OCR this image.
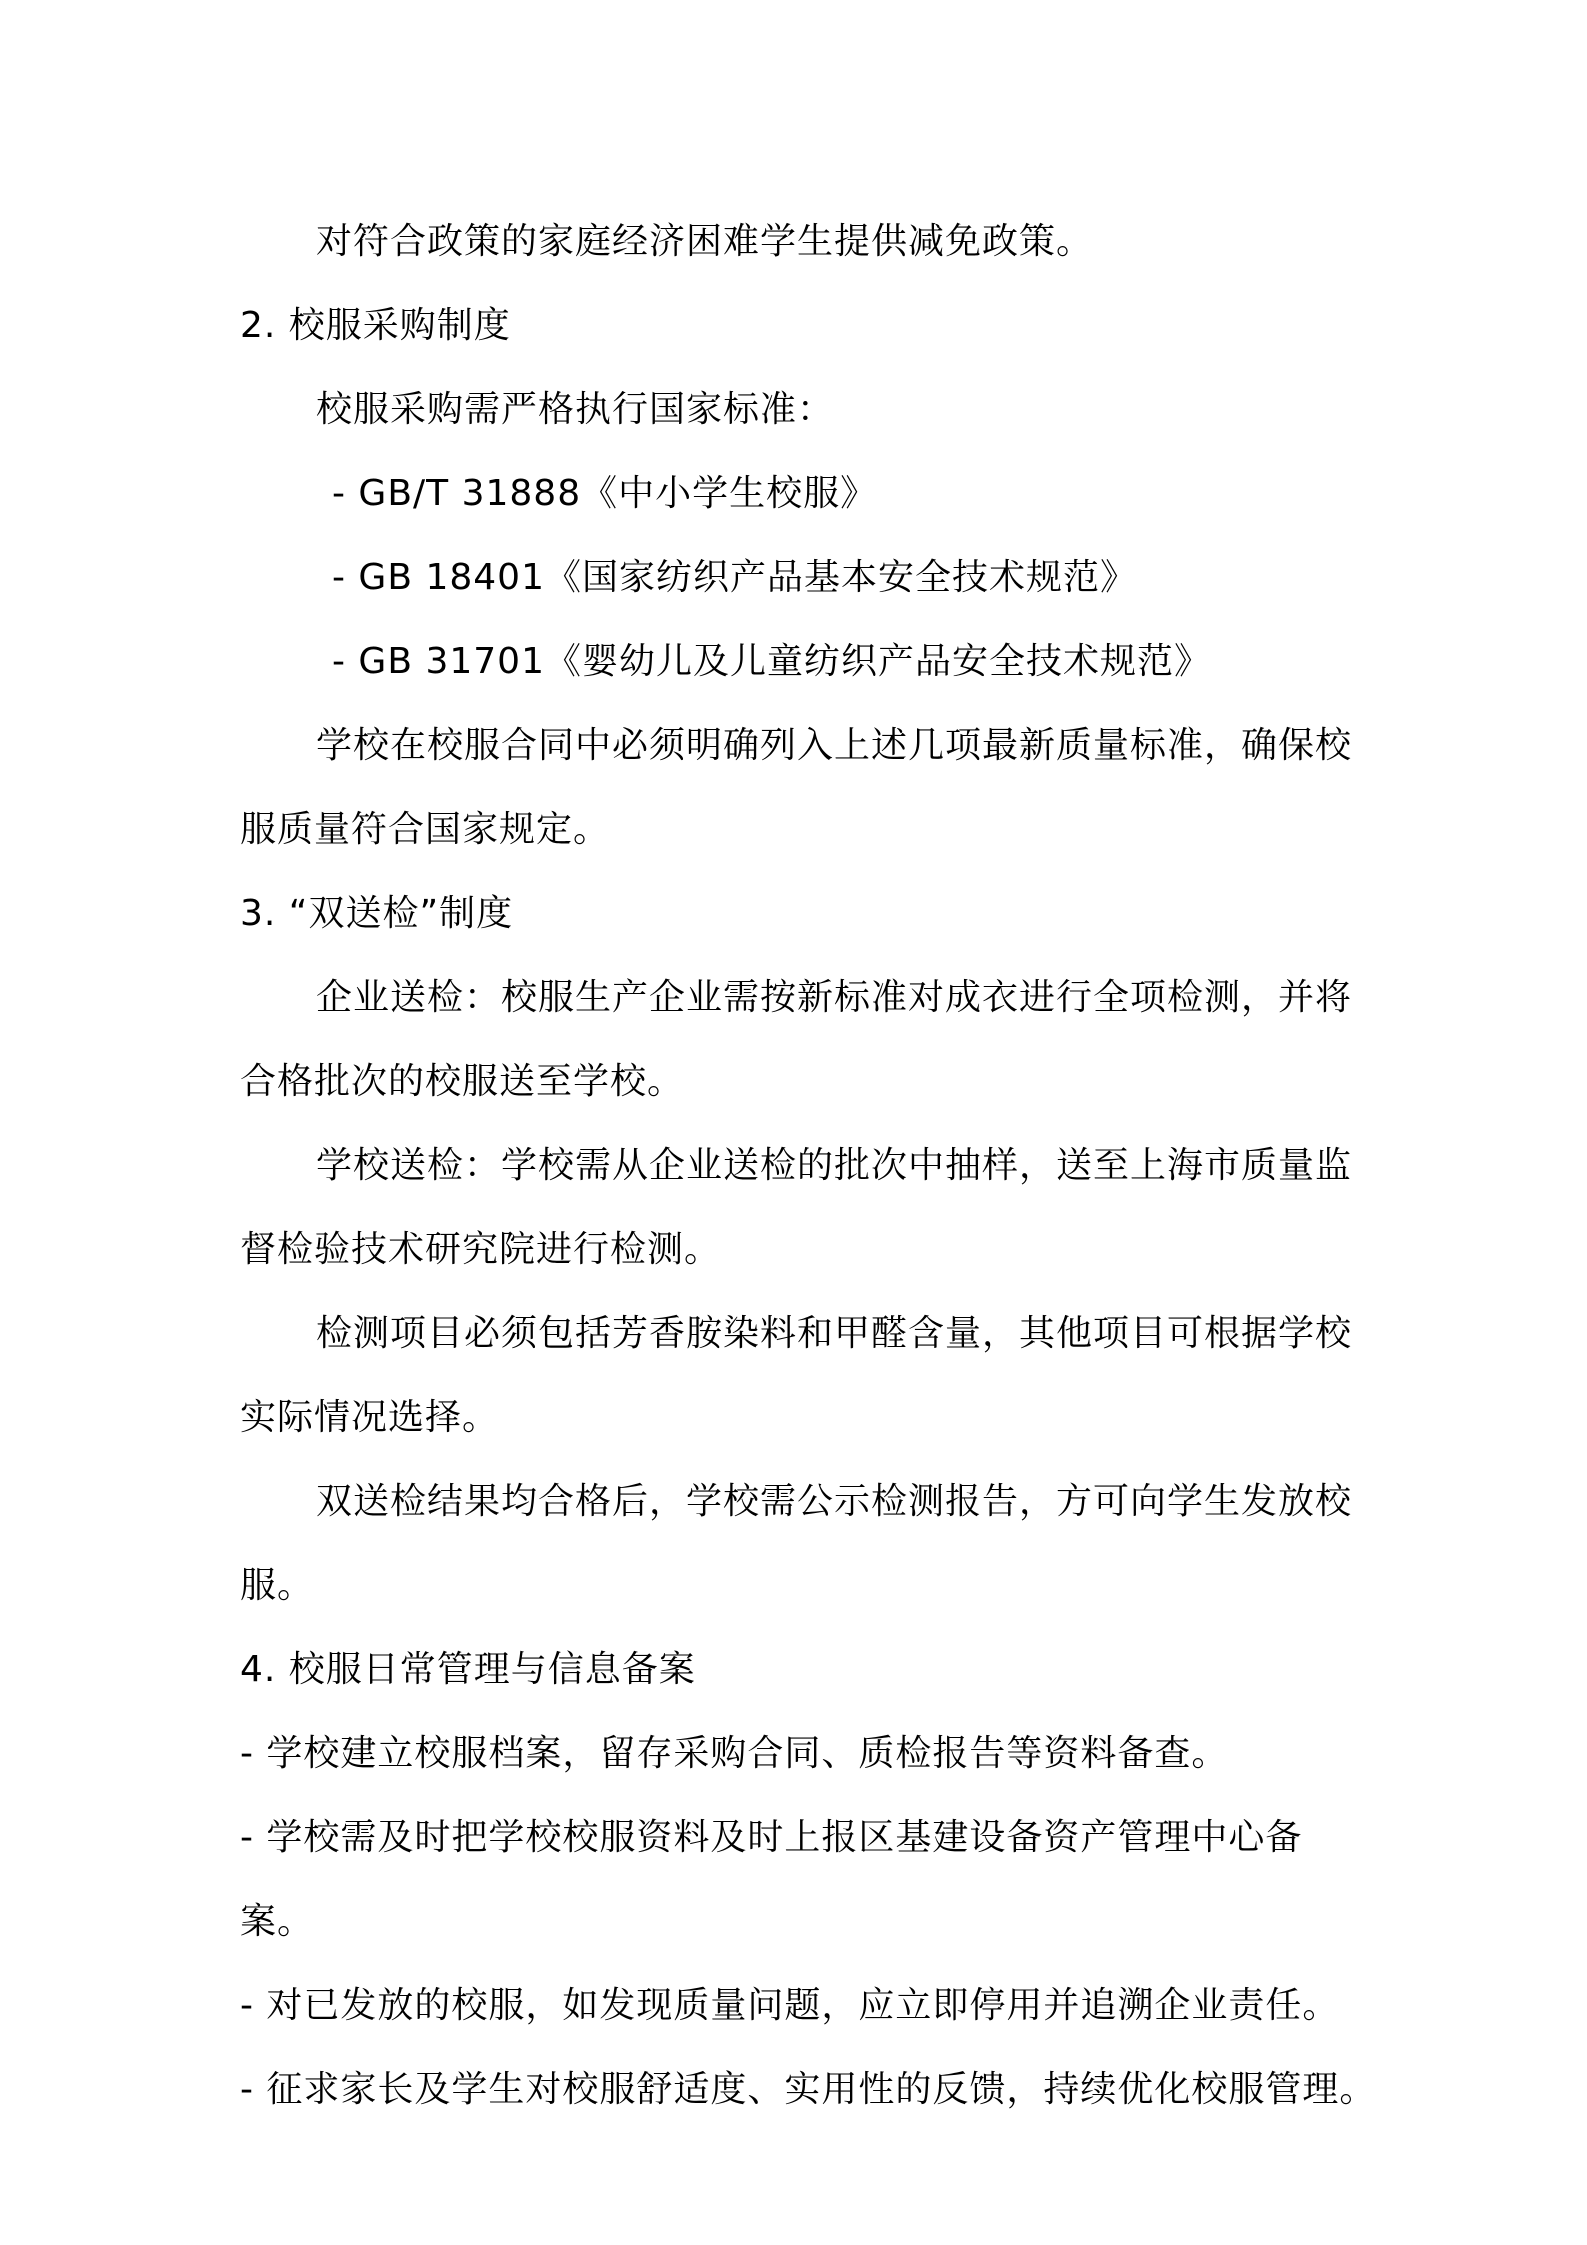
对符合政策的家庭经济困难学生提供减免政策。
2. 校服采购制度
校服采购需严格执行国家标准：
- GB/T 31888《中小学生校服》
- GB 18401《国家纺织产品基本安全技术规范》
- GB 31701《婴幼儿及儿童纺织产品安全技术规范》
学校在校服合同中必须明确列入上述几项最新质量标准，确保校
服质量符合国家规定。
3. “双送检”制度
企业送检：校服生产企业需按新标准对成衣进行全项检测，并将
合格批次的校服送至学校。
学校送检：学校需从企业送检的批次中抽样，送至上海市质量监
督检验技术研究院进行检测。
检测项目必须包括芳香胺染料和甲醛含量，其他项目可根据学校
实际情况选择。
双送检结果均合格后，学校需公示检测报告，方可向学生发放校
服。
4. 校服日常管理与信息备案
- 学校建立校服档案，留存采购合同、质检报告等资料备查。
- 学校需及时把学校校服资料及时上报区基建设备资产管理中心备
案。
- 对已发放的校服，如发现质量问题，应立即停用并追溯企业责任。
- 征求家长及学生对校服舒适度、实用性的反馈，持续优化校服管理。
